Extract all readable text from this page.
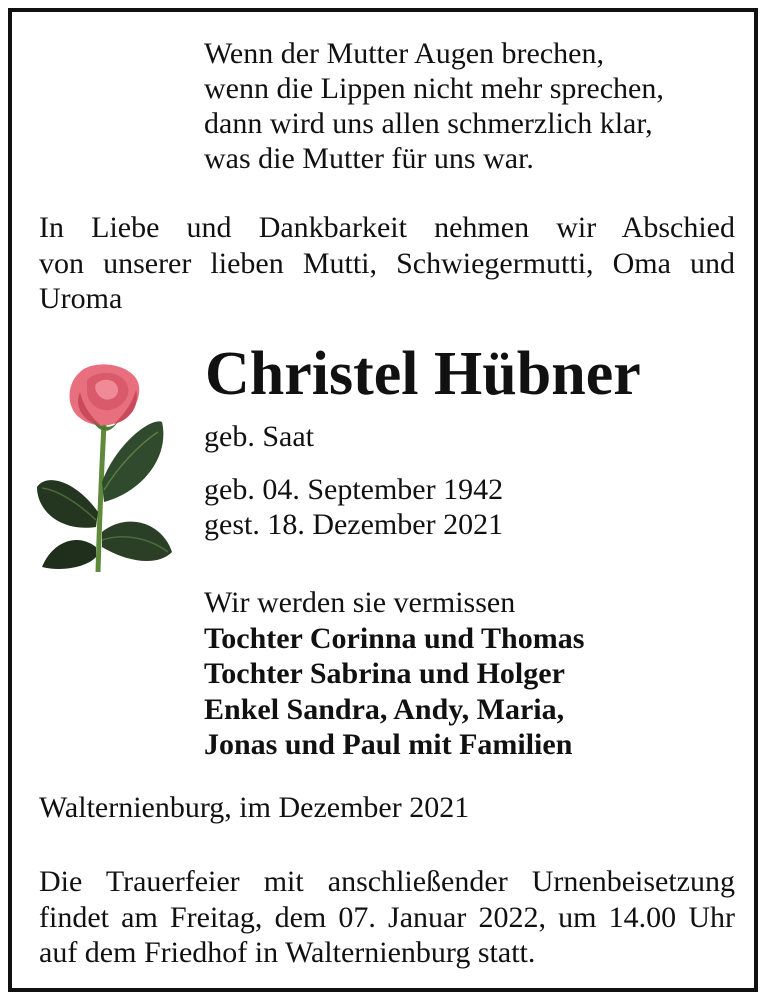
Wenn der Mutter Augen brechen,
wenn die Lippen nicht mehr sprechen,
dann wird uns allen schmerzlich klar,
was die Mutter für uns war.
In Liebe und Dankbarkeit nehmen wir Abschied
von unserer lieben Mutti, Schwiegermutti, Oma und
Uroma
Christel Hübner
geb. Saat
geb. 04. September 1942
gest. 18. Dezember 2021
Wir werden sie vermissen
Tochter Corinna und Thomas
Tochter Sabrina und Holger
Enkel Sandra, Andy, Maria,
Jonas und Paul mit Familien
Walternienburg, im Dezember 2021
Die Trauerfeier mit anschließender Urnenbeisetzung
findet am Freitag, dem 07. Januar 2022, um 14.00 Uhr
auf dem Friedhof in Walternienburg statt.
